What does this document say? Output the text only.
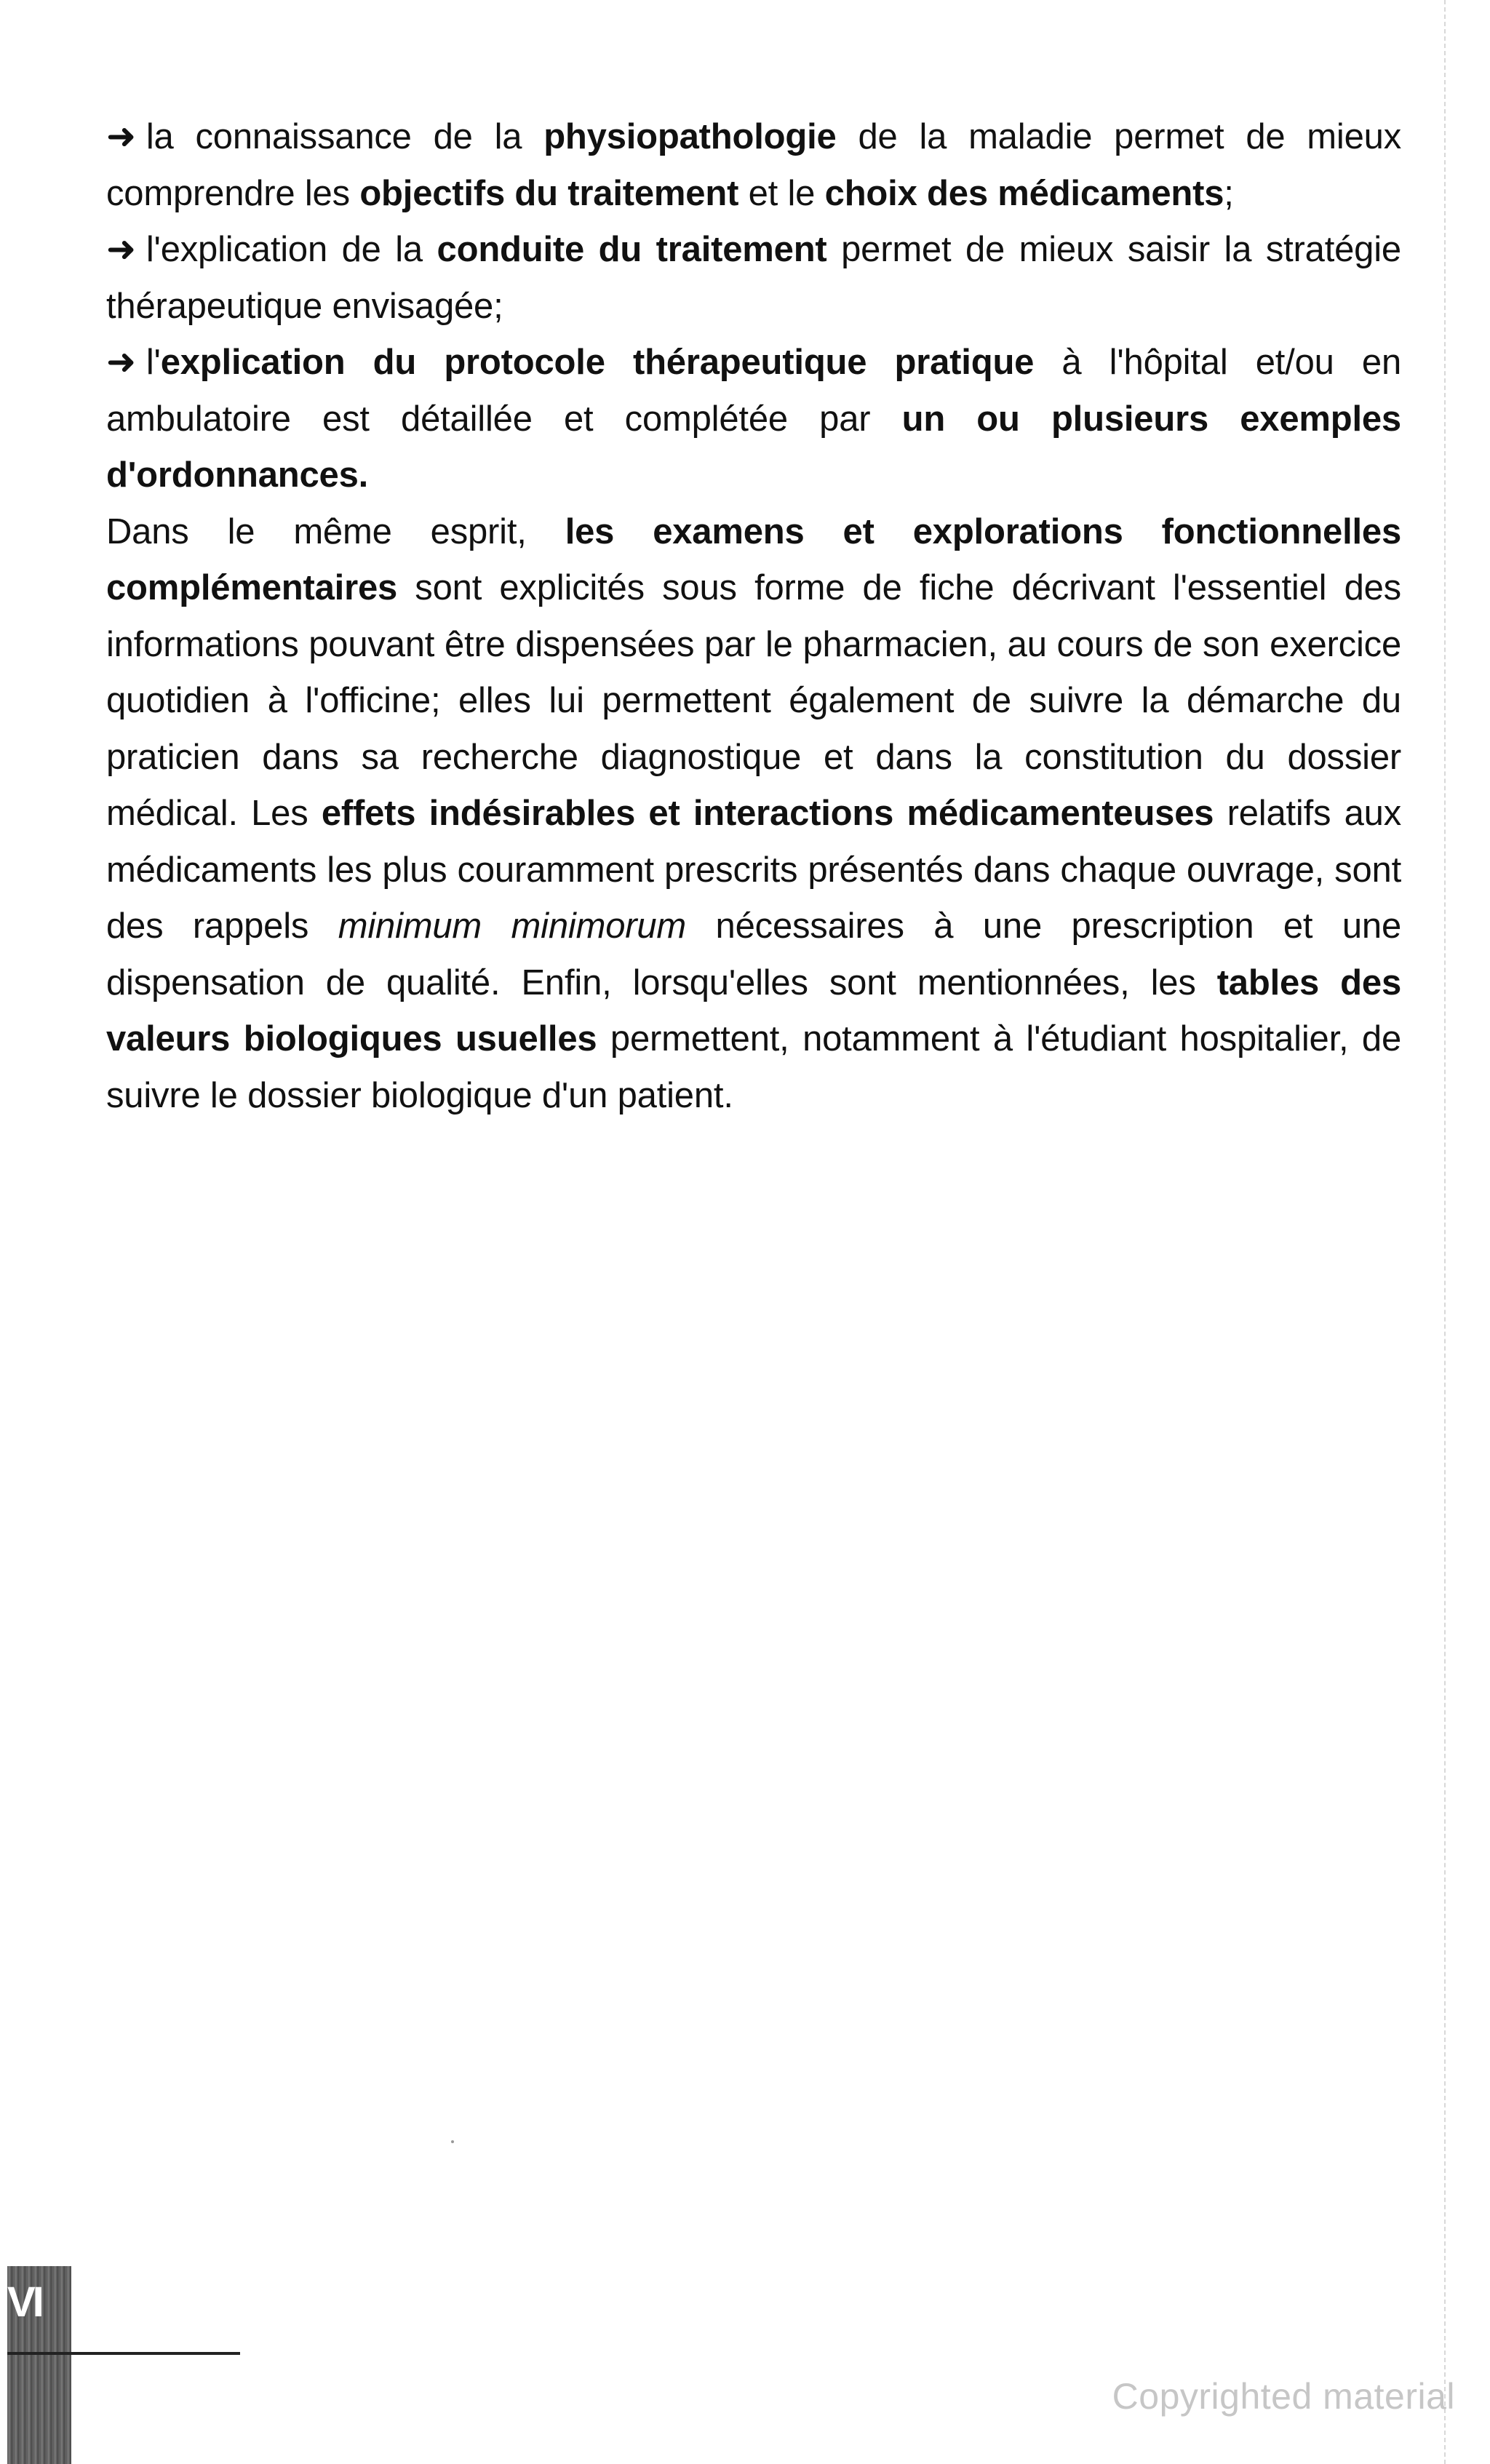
➜ la connaissance de la physiopathologie de la maladie permet de mieux comprendre les objectifs du traitement et le choix des médicaments;

➜ l'explication de la conduite du traitement permet de mieux saisir la stratégie thérapeutique envisagée;

➜ l'explication du protocole thérapeutique pratique à l'hôpital et/ou en ambulatoire est détaillée et complétée par un ou plusieurs exemples d'ordonnances.

Dans le même esprit, les examens et explorations fonctionnelles complémentaires sont explicités sous forme de fiche décrivant l'essentiel des informations pouvant être dispensées par le pharmacien, au cours de son exercice quotidien à l'officine; elles lui permettent également de suivre la démarche du praticien dans sa recherche diagnostique et dans la constitution du dossier médical. Les effets indésirables et interactions médicamenteuses relatifs aux médicaments les plus couramment prescrits présentés dans chaque ouvrage, sont des rappels minimum minimorum nécessaires à une prescription et une dispensation de qualité. Enfin, lorsqu'elles sont mentionnées, les tables des valeurs biologiques usuelles permettent, notamment à l'étudiant hospitalier, de suivre le dossier biologique d'un patient.

VI
Copyrighted material
